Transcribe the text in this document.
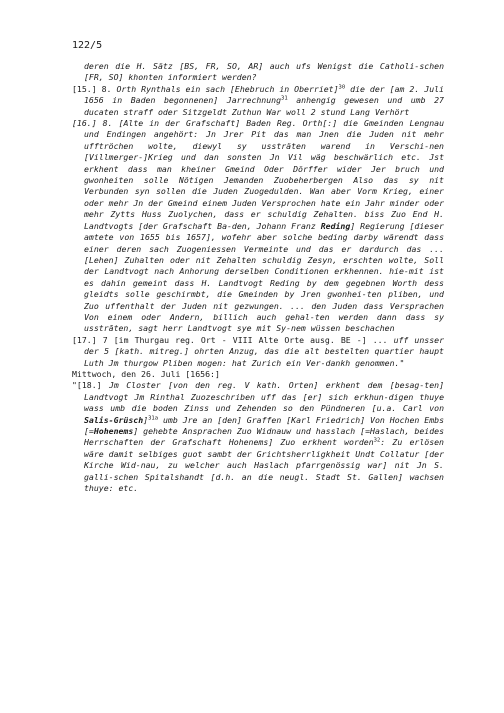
122/5

deren die H. Sätz [BS, FR, SO, AR] auch ufs Wenigst die Catholi-schen [FR, SO] khonten informiert werden?

[15.] 8. Orth Rynthals ein sach [Ehebruch in Oberriet]$^{30}$ die der [am 2. Juli 1656 in Baden begonnenen] Jarrechnung$^{31}$ anhengig gewesen und umb 27 ducaten straff oder Sitzgeldt Zuthun War woll 2 stund Lang Verhört

[16.] 8. [Alte in der Grafschaft] Baden Reg. Orth[:] die Gmeinden Lengnau und Endingen angehört: Jn Jrer Pit das man Jnen die Juden nit mehr ufftröchen wolte, diewyl sy ussträten warend in Verschi-nen [Villmerger-]Krieg und dan sonsten Jn Vil wäg beschwärlich etc. Jst erkhent dass man kheiner Gmeind Oder Dörffer wider Jer bruch und gwonheiten solle Nötigen Jemanden Zuobeherbergen Also das sy nit Verbunden syn sollen die Juden Zuogedulden. Wan aber Vorm Krieg, einer oder mehr Jn der Gmeind einem Juden Versprochen hate ein Jahr minder oder mehr Zytts Huss Zuolychen, dass er schuldig Zehalten. biss Zuo End H. Landtvogts [der Grafschaft Ba-den, Johann Franz Reding] Regierung [dieser amtete von 1655 bis 1657], wofehr aber solche beding darby wärendt dass einer deren sach Zuogeniessen Vermeinte und das er dardurch das ... [Lehen] Zuhalten oder nit Zehalten schuldig Zesyn, erschten wolte, Soll der Landtvogt nach Anhorung derselben Conditionen erkhennen. hie-mit ist es dahin gemeint dass H. Landtvogt Reding by dem gegebnen Worth dess gleidts solle geschirmbt, die Gmeinden by Jren gwonhei-ten pliben, und Zuo uffenthalt der Juden nit gezwungen. ... den Juden dass Versprachen Von einem oder Andern, billich auch gehal-ten werden dann dass sy usstrāten, sagt herr Landtvogt sye mit Sy-nem wüssen beschachen

[17.] 7 [im Thurgau reg. Ort - VIII Alte Orte ausg. BE -] ... uff unsser der 5 [kath. mitreg.] ohrten Anzug, das die alt bestelten quartier haupt Luth Jm thurgow Pliben mogen: hat Zurich ein Ver-dankh genommen."

Mittwoch, den 26. Juli [1656:]

"[18.] Jm Closter [von den reg. V kath. Orten] erkhent dem [besag-ten] Landtvogt Jm Rinthal Zuozeschriben uff das [er] sich erkhun-digen thuye wass umb die boden Zinss und Zehenden so den Pündneren [u.a. Carl von Salis-Grüsch]$^{31a}$ umb Jre an [den] Graffen [Karl Friedrich] Von Hochen Embs [=Hohenems] gehebte Ansprachen Zuo Widnauw und hasslach [=Haslach, beides Herrschaften der Grafschaft Hohenems] Zuo erkhent worden$^{32}$: Zu erlösen wäre damit selbiges guot sambt der Grichtsherrligkheit Undt Collatur [der Kirche Wid-nau, zu welcher auch Haslach pfarrgenössig war] nit Jn S. galli-schen Spitalshandt [d.h. an die neugl. Stadt St. Gallen] wachsen thuye: etc.
